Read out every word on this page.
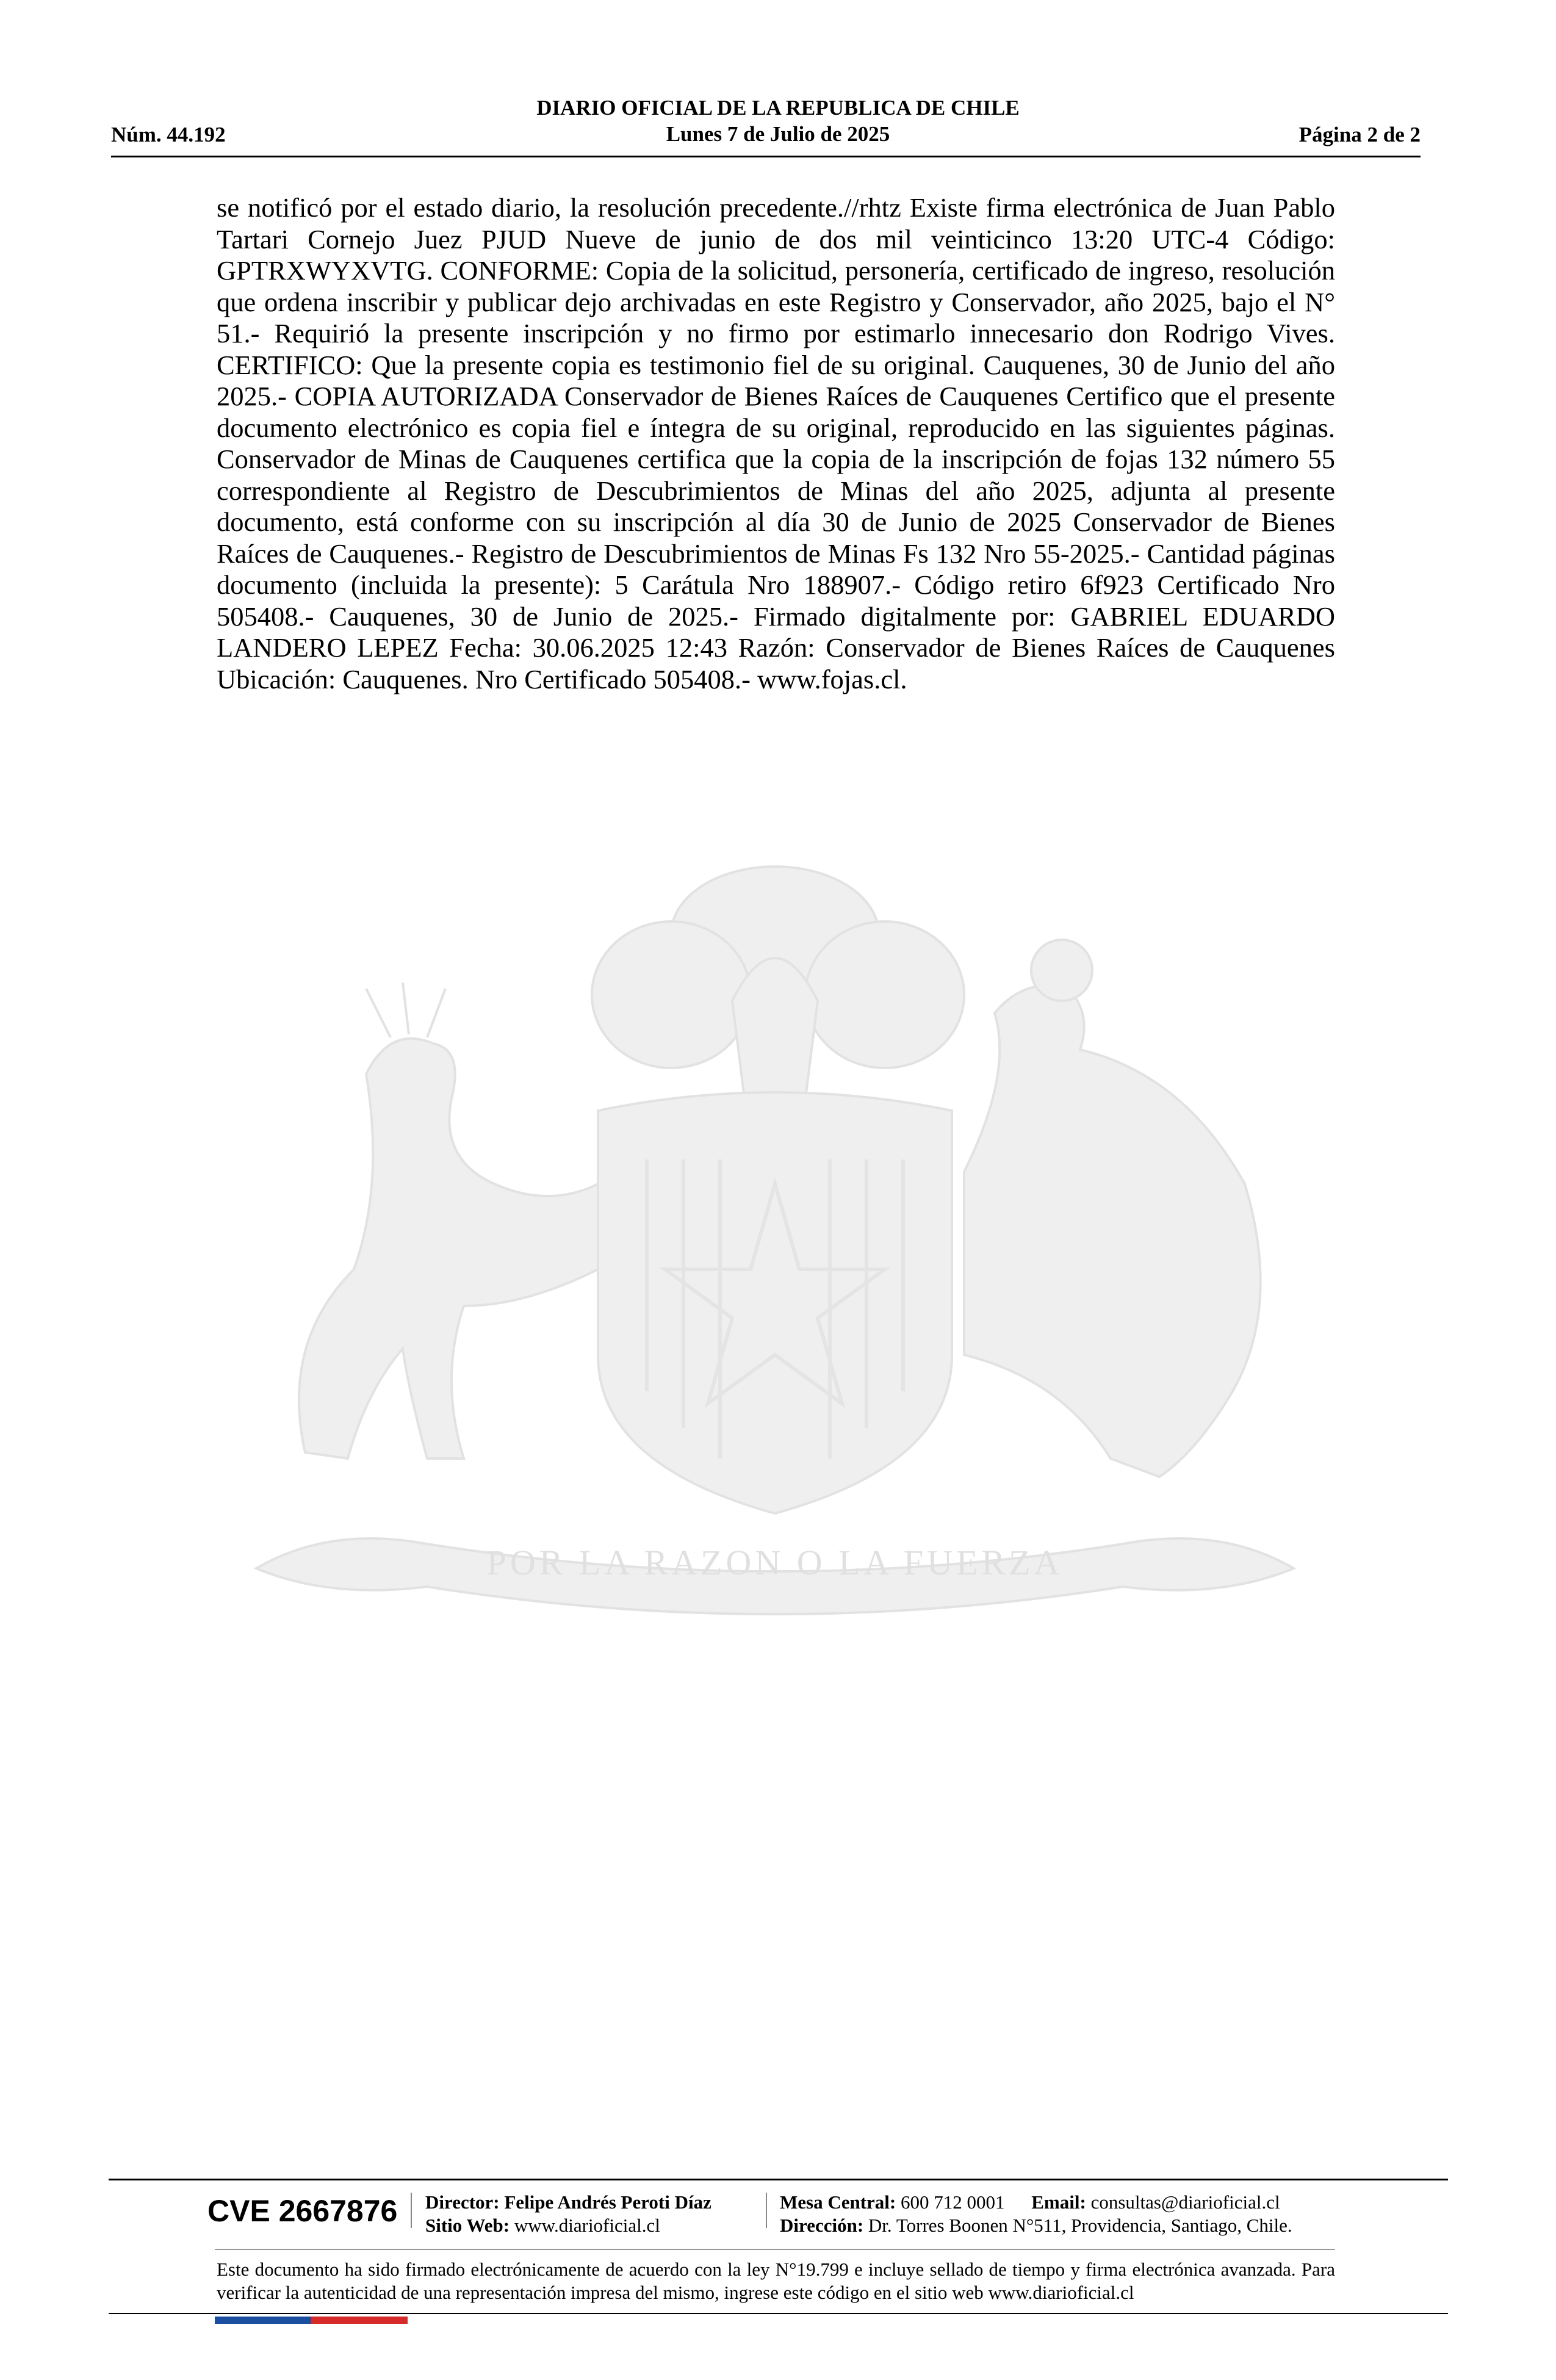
DIARIO OFICIAL DE LA REPUBLICA DE CHILE
Lunes 7 de Julio de 2025
Núm. 44.192	Página 2 de 2
POR LA RAZON O LA FUERZA
se notificó por el estado diario, la resolución precedente.//rhtz Existe firma electrónica de Juan Pablo Tartari Cornejo Juez PJUD Nueve de junio de dos mil veinticinco 13:20 UTC-4 Código: GPTRXWYXVTG. CONFORME: Copia de la solicitud, personería, certificado de ingreso, resolución que ordena inscribir y publicar dejo archivadas en este Registro y Conservador, año 2025, bajo el N° 51.- Requirió la presente inscripción y no firmo por estimarlo innecesario don Rodrigo Vives. CERTIFICO: Que la presente copia es testimonio fiel de su original. Cauquenes, 30 de Junio del año 2025.- COPIA AUTORIZADA Conservador de Bienes Raíces de Cauquenes Certifico que el presente documento electrónico es copia fiel e íntegra de su original, reproducido en las siguientes páginas. Conservador de Minas de Cauquenes certifica que la copia de la inscripción de fojas 132 número 55 correspondiente al Registro de Descubrimientos de Minas del año 2025, adjunta al presente documento, está conforme con su inscripción al día 30 de Junio de 2025 Conservador de Bienes Raíces de Cauquenes.- Registro de Descubrimientos de Minas Fs 132 Nro 55-2025.- Cantidad páginas documento (incluida la presente): 5 Carátula Nro 188907.- Código retiro 6f923 Certificado Nro 505408.- Cauquenes, 30 de Junio de 2025.- Firmado digitalmente por: GABRIEL EDUARDO LANDERO LEPEZ Fecha: 30.06.2025 12:43 Razón: Conservador de Bienes Raíces de Cauquenes Ubicación: Cauquenes. Nro Certificado 505408.- www.fojas.cl.
CVE 2667876 Director: Felipe Andrés Peroti Díaz
Sitio Web: www.diarioficial.cl
Mesa Central: 600 712 0001 Email: consultas@diarioficial.cl
Dirección: Dr. Torres Boonen N°511, Providencia, Santiago, Chile.
Este documento ha sido firmado electrónicamente de acuerdo con la ley N°19.799 e incluye sellado de tiempo y firma electrónica avanzada. Para verificar la autenticidad de una representación impresa del mismo, ingrese este código en el sitio web www.diarioficial.cl
